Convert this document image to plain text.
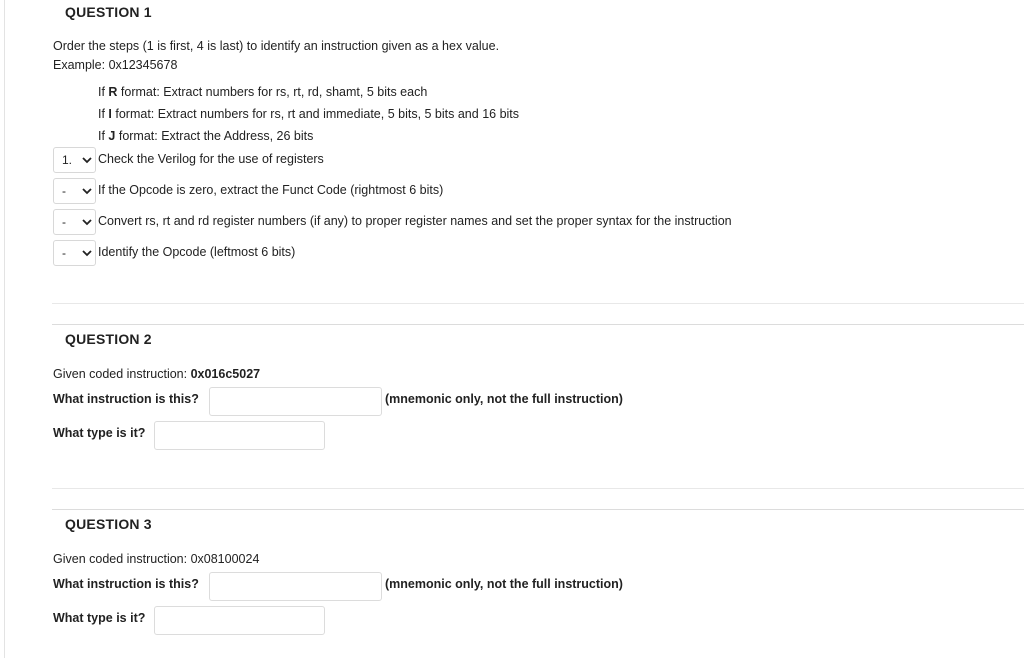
QUESTION 1
Order the steps (1 is first, 4 is last) to identify an instruction given as a hex value.
Example: 0x12345678
If R format: Extract numbers for rs, rt, rd, shamt, 5 bits each
If I format: Extract numbers for rs, rt and immediate, 5 bits, 5 bits and 16 bits
If J format: Extract the Address, 26 bits
1. Check the Verilog for the use of registers
-	If the Opcode is zero, extract the Funct Code (rightmost 6 bits)
-	Convert rs, rt and rd register numbers (if any) to proper register names and set the proper syntax for the instruction
-	Identify the Opcode (leftmost 6 bits)
QUESTION 2
Given coded instruction: 0x016c5027
What instruction is this?	(mnemonic only, not the full instruction)
What type is it?
QUESTION 3
Given coded instruction: 0x08100024
What instruction is this?	(mnemonic only, not the full instruction)
What type is it?
